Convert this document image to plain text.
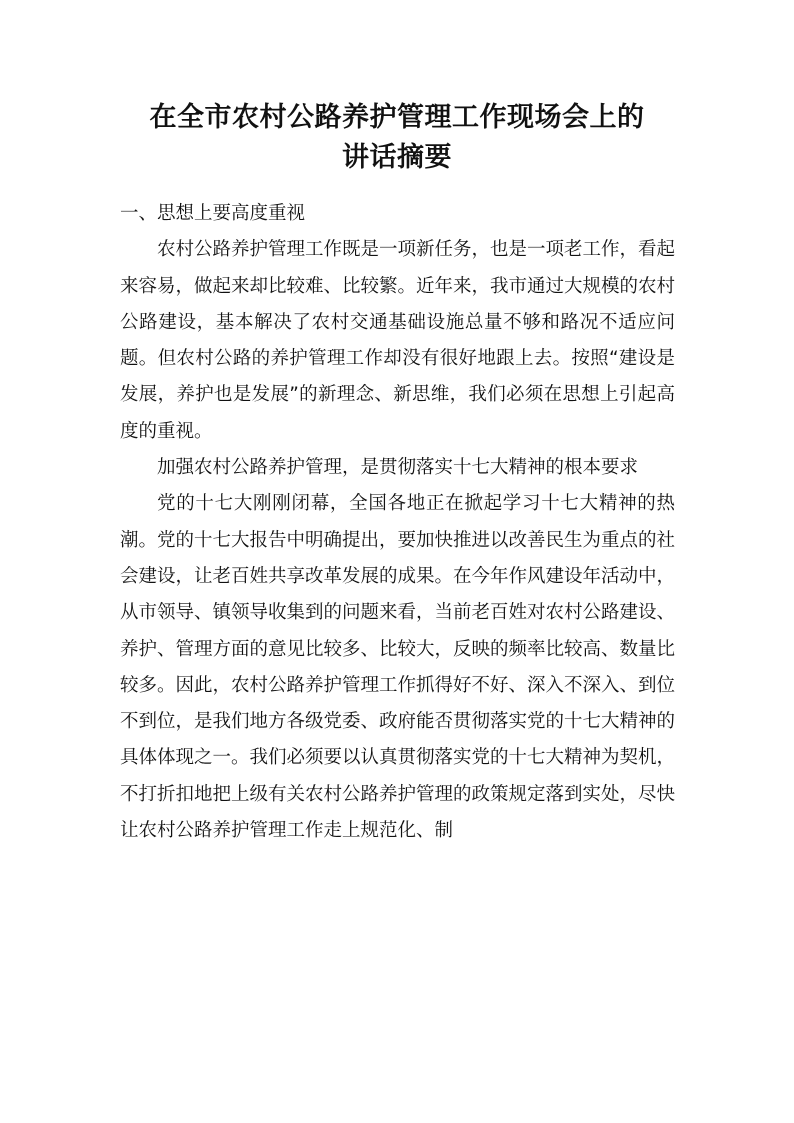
在全市农村公路养护管理工作现场会上的
讲话摘要

一、思想上要高度重视

农村公路养护管理工作既是一项新任务，也是一项老工作，看起来容易，做起来却比较难、比较繁。近年来，我市通过大规模的农村公路建设，基本解决了农村交通基础设施总量不够和路况不适应问题。但农村公路的养护管理工作却没有很好地跟上去。按照“建设是发展，养护也是发展”的新理念、新思维，我们必须在思想上引起高度的重视。

加强农村公路养护管理，是贯彻落实十七大精神的根本要求

党的十七大刚刚闭幕，全国各地正在掀起学习十七大精神的热潮。党的十七大报告中明确提出，要加快推进以改善民生为重点的社会建设，让老百姓共享改革发展的成果。在今年作风建设年活动中，从市领导、镇领导收集到的问题来看，当前老百姓对农村公路建设、养护、管理方面的意见比较多、比较大，反映的频率比较高、数量比较多。因此，农村公路养护管理工作抓得好不好、深入不深入、到位不到位，是我们地方各级党委、政府能否贯彻落实党的十七大精神的具体体现之一。我们必须要以认真贯彻落实党的十七大精神为契机，不打折扣地把上级有关农村公路养护管理的政策规定落到实处，尽快让农村公路养护管理工作走上规范化、制
